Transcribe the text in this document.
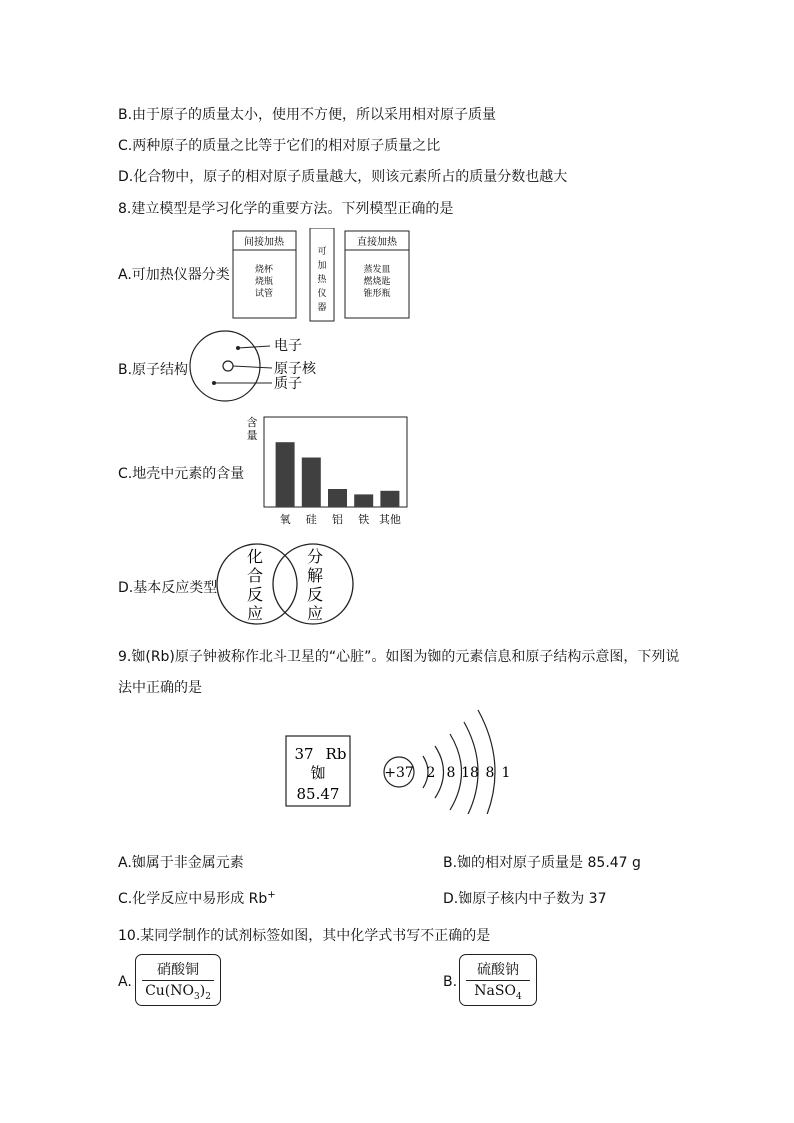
B.由于原子的质量太小，使用不方便，所以采用相对原子质量
C.两种原子的质量之比等于它们的相对原子质量之比
D.化合物中，原子的相对原子质量越大，则该元素所占的质量分数也越大
8.建立模型是学习化学的重要方法。下列模型正确的是
A.可加热仪器分类
间接加热
烧杯
烧瓶
试管
可
加
热
仪
器
直接加热
蒸发皿
燃烧匙
锥形瓶
B.原子结构
电子
原子核
质子
C.地壳中元素的含量
含
量
氧 硅 铝 铁 其他
D.基本反应类型
化
合
反
应
分
解
反
应
9.铷(Rb)原子钟被称作北斗卫星的“心脏”。如图为铷的元素信息和原子结构示意图，下列说
法中正确的是
37 Rb
铷
85.47
+37 2 8 18 8 1
A.铷属于非金属元素	B.铷的相对原子质量是 85.47 g
C.化学反应中易形成 Rb+	D.铷原子核内中子数为 37
10.某同学制作的试剂标签如图，其中化学式书写不正确的是
A.
硝酸铜
$Cu(NO_3)_2$
B.
硫酸钠
NaSO$_4$
